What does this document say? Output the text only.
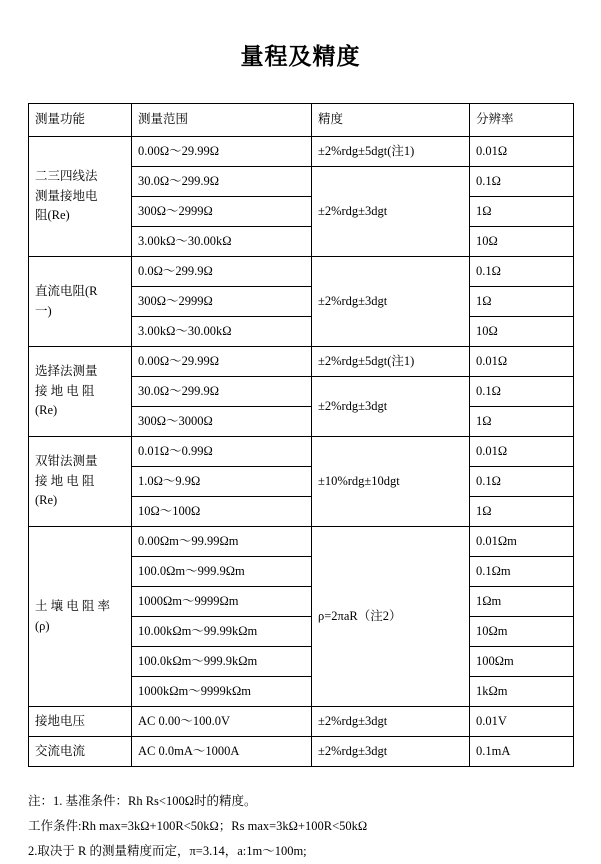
量程及精度
测量功能	测量范围	精度	分辨率

二三四线法
测量接地电
阻(Re)	0.00Ω～29.99Ω	±2%rdg±5dgt(注1)	0.01Ω
	30.0Ω～299.9Ω	±2%rdg±3dgt	0.1Ω
	300Ω～2999Ω		1Ω
	3.00kΩ～30.00kΩ		10Ω

直流电阻(R
一)	0.0Ω～299.9Ω	±2%rdg±3dgt	0.1Ω
	300Ω～2999Ω		1Ω
	3.00kΩ～30.00kΩ		10Ω

选择法测量
接 地 电 阻
(Re)	0.00Ω～29.99Ω	±2%rdg±5dgt(注1)	0.01Ω
	30.0Ω～299.9Ω	±2%rdg±3dgt	0.1Ω
	300Ω～3000Ω		1Ω

双钳法测量
接 地 电 阻
(Re)	0.01Ω～0.99Ω	±10%rdg±10dgt	0.01Ω
	1.0Ω～9.9Ω		0.1Ω
	10Ω～100Ω		1Ω

土 壤 电 阻 率
(ρ)	0.00Ωm～99.99Ωm	ρ=2πaR（注2）	0.01Ωm
	100.0Ωm～999.9Ωm		0.1Ωm
	1000Ωm～9999Ωm		1Ωm
	10.00kΩm～99.99kΩm		10Ωm
	100.0kΩm～999.9kΩm		100Ωm
	1000kΩm～9999kΩm		1kΩm

接地电压	AC 0.00～100.0V	±2%rdg±3dgt	0.01V

交流电流	AC 0.0mA～1000A	±2%rdg±3dgt	0.1mA
注：1. 基准条件：Rh Rs<100Ω时的精度。
工作条件:Rh max=3kΩ+100R<50kΩ；Rs max=3kΩ+100R<50kΩ
2.取决于 R 的测量精度而定，π=3.14，a:1m～100m;
